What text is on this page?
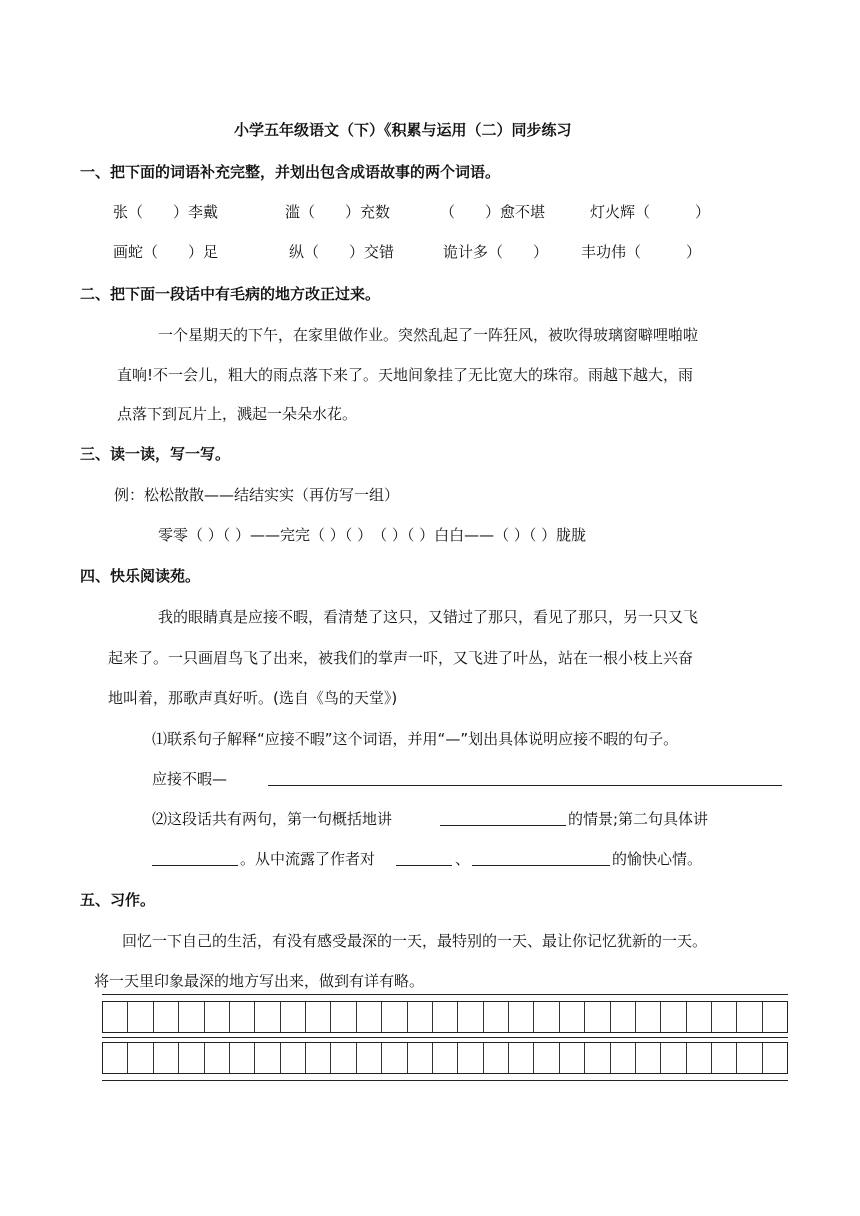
小学五年级语文（下）《积累与运用（二）同步练习
一、把下面的词语补充完整，并划出包含成语故事的两个词语。
张（　　）李戴	滥（　　）充数	（　　）愈不堪	灯火辉（　　　）
画蛇（　　）足	纵（　　）交错	诡计多（　　） 丰功伟（　　　）
二、把下面一段话中有毛病的地方改正过来。
一个星期天的下午，在家里做作业。突然乱起了一阵狂风，被吹得玻璃窗噼哩啪啦
直响!不一会儿，粗大的雨点落下来了。天地间象挂了无比宽大的珠帘。雨越下越大，雨
点落下到瓦片上，溅起一朵朵水花。
三、读一读，写一写。
例：松松散散——结结实实（再仿写一组）
零零（ ）（ ）——完完（ ）（ ）　（ ）（ ）白白——（ ）（ ）胧胧
四、快乐阅读苑。
我的眼睛真是应接不暇，看清楚了这只，又错过了那只，看见了那只，另一只又飞
起来了。一只画眉鸟飞了出来，被我们的掌声一吓，又飞进了叶丛，站在一根小枝上兴奋
地叫着，那歌声真好听。(选自《鸟的天堂》)
⑴联系句子解释“应接不暇”这个词语，并用“—”划出具体说明应接不暇的句子。
应接不暇—
⑵这段话共有两句，第一句概括地讲	的情景;第二句具体讲
。从中流露了作者对	、	的愉快心情。
五、习作。
回忆一下自己的生活，有没有感受最深的一天，最特别的一天、最让你记忆犹新的一天。
将一天里印象最深的地方写出来，做到有详有略。
